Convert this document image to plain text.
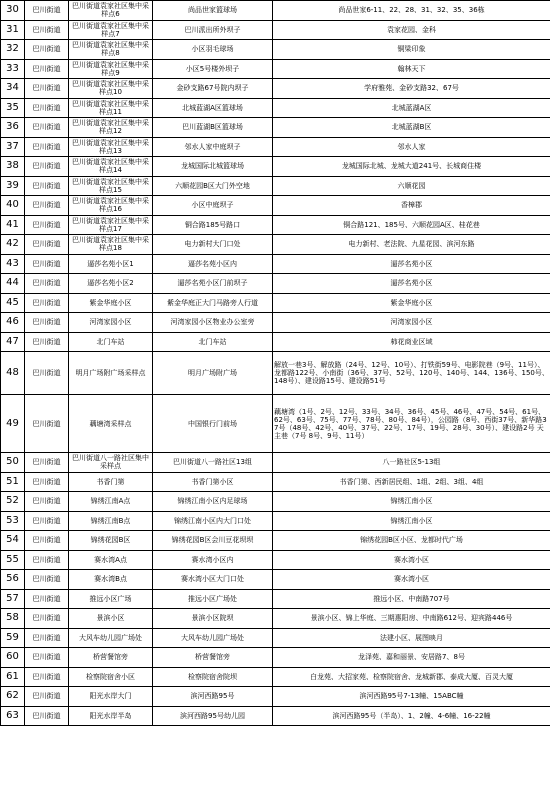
30	巴川街道	巴川街道袁家社区集中采样点6	尚品世家篮球场	尚品世家6-11、22、28、31、32、35、36栋
31	巴川街道	巴川街道袁家社区集中采样点7	巴川派出所外坝子	袁家花园、金科
32	巴川街道	巴川街道袁家社区集中采样点8	小区羽毛球场	铜梁印象
33	巴川街道	巴川街道袁家社区集中采样点9	小区5号楼外坝子	翰林天下
34	巴川街道	巴川街道袁家社区集中采样点10	金砂支路67号院内坝子	学府雅苑、金砂支路32、67号
35	巴川街道	巴川街道袁家社区集中采样点11	北城蓝湖A区篮球场	北城蓝湖A区
36	巴川街道	巴川街道袁家社区集中采样点12	巴川蓝湖B区篮球场	北城蓝湖B区
37	巴川街道	巴川街道袁家社区集中采样点13	邻水人家中庭坝子	邻水人家
38	巴川街道	巴川街道袁家社区集中采样点14	龙城国际北城篮球场	龙城国际北城、龙城大道241号、长城商住楼
39	巴川街道	巴川街道袁家社区集中采样点15	六顺花园B区大门外空地	六顺花园
40	巴川街道	巴川街道袁家社区集中采样点16	小区中庭坝子	香樟郡
41	巴川街道	巴川街道袁家社区集中采样点17	铜合路185号路口	铜合路121、185号、六顺花园A区、桂花巷
42	巴川街道	巴川街道袁家社区集中采样点18	电力新村大门口处	电力新村、老法院、九星花园、滨河东路
43	巴川街道	逼莎名苑小区1	逼莎名苑小区内	逼莎名苑小区
44	巴川街道	逼莎名苑小区2	逼莎名苑小区门前坝子	逼莎名苑小区
45	巴川街道	紫金华庭小区	紫金华庭正大门马路旁人行道	紫金华庭小区
46	巴川街道	河湾家园小区	河湾家园小区物业办公室旁	河湾家园小区
47	巴川街道	北门车站	北门车站	柿花商业区域
48	巴川街道	明月广场附广场采样点	明月广场附广场	解放一巷3号、解放路（24号、12号、10号）、打铁街59号、电影院巷（9号、11号）、龙都路122号、小南街（36号、37号、52号、120号、140号、144、136号、150号、148号）、建设路15号、建设路51号
49	巴川街道	藕塘湾采样点	中国银行门前场	藕塘湾（1号、2号、12号、33号、34号、36号、45号、46号、47号、54号、61号、62号、63号、75号、77号、78号、80号、84号），公园路（8号、西街37号、新华路37号（48号、42号、40号、37号、22号、17号、19号、28号、30号）、建设路2号 天主巷（7号 8号、9号、11号）
50	巴川街道	巴川街道八一路社区集中采样点	巴川街道八一路社区13组	八一路社区5-13组
51	巴川街道	书香门第	书香门第小区	书香门第、西新居民组、1组、2组、3组、4组
52	巴川街道	锦绣江南A点	锦绣江南小区内足球场	锦绣江南小区
53	巴川街道	锦绣江南B点	锦绣江南小区内大门口处	锦绣江南小区
54	巴川街道	锦绣花园B区	锦绣花园B区会川豆花坝坝	锦绣花园B区小区、龙都时代广场
55	巴川街道	赛水湾A点	赛水湾小区内	赛水湾小区
56	巴川街道	赛水湾B点	赛水湾小区大门口处	赛水湾小区
57	巴川街道	推远小区广场	推远小区广场处	推远小区、中南路707号
58	巴川街道	景滨小区	景滨小区院坝	景滨小区、锦上华庭、三期惠阳房、中南路612号、迎宾路446号
59	巴川街道	大风车幼儿园广场处	大风车幼儿园广场处	法建小区、展图映月
60	巴川街道	桥营餐馆旁	桥营餐馆旁	龙泽苑、嘉和丽景、安居路7、8号
61	巴川街道	检察院宿舍小区	检察院宿舍院坝	白龙苑、大招家苑、检察院宿舍、龙城新郡、泰成大厦、百灵大厦
62	巴川街道	阳光水岸大门	滨河西路95号	滨河西路95号7-13幢、15ABC幢
63	巴川街道	阳光水岸半岛	滨河西路95号幼儿园	滨河西路95号（半岛）、1、2幢、4-6幢、16-22幢
